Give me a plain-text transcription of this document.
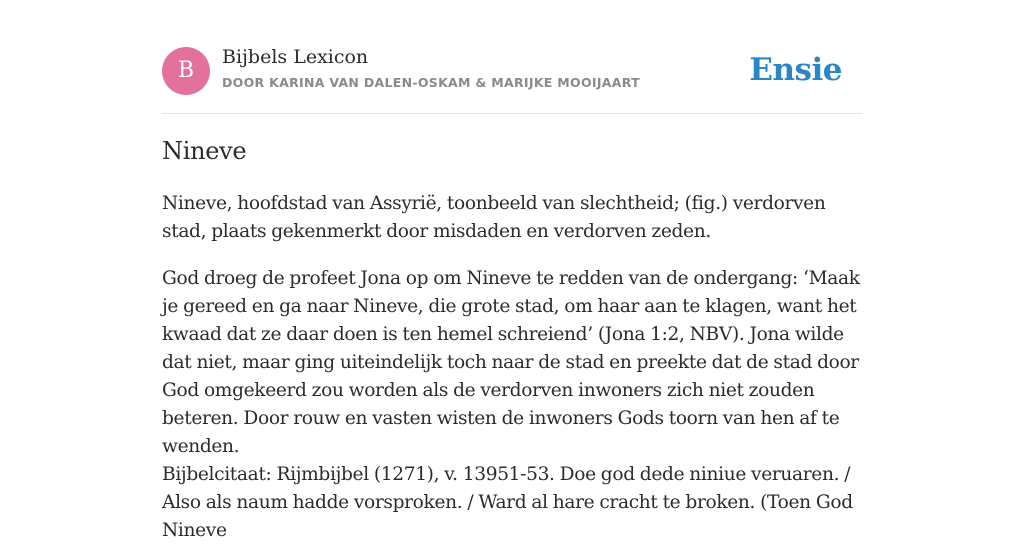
B
Bijbels Lexicon
DOOR KARINA VAN DALEN-OSKAM & MARIJKE MOOIJAART	Ensie
Nineve

Nineve, hoofdstad van Assyrië, toonbeeld van slechtheid; (fig.) verdorven stad, plaats gekenmerkt door misdaden en verdorven zeden.

God droeg de profeet Jona op om Nineve te redden van de ondergang: ‘Maak je gereed en ga naar Nineve, die grote stad, om haar aan te klagen, want het kwaad dat ze daar doen is ten hemel schreiend’ (Jona 1:2, NBV). Jona wilde dat niet, maar ging uiteindelijk toch naar de stad en preekte dat de stad door God omgekeerd zou worden als de verdorven inwoners zich niet zouden beteren. Door rouw en vasten wisten de inwoners Gods toorn van hen af te wenden.

Bijbelcitaat: Rijmbijbel (1271), v. 13951-53. Doe god dede niniue veruaren. / Also als naum hadde vorsproken. / Ward al hare cracht te broken. (Toen God Nineve
